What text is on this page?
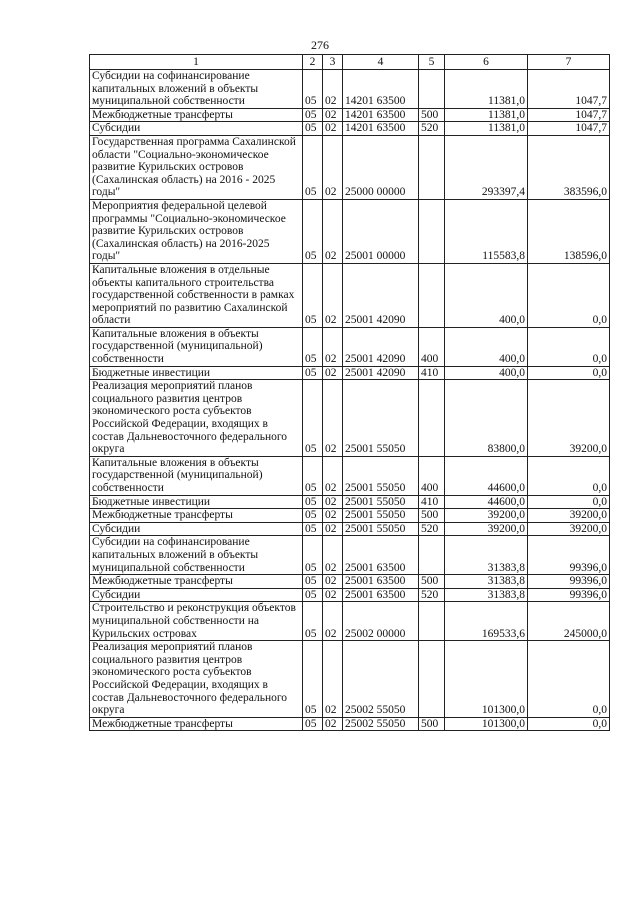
276
1	2	3	4	5	6	7
Субсидии на софинансирование капитальных вложений в объекты муниципальной собственности	05	02	14201 63500		11381,0	1047,7
Межбюджетные трансферты	05	02	14201 63500	500	11381,0	1047,7
Субсидии	05	02	14201 63500	520	11381,0	1047,7
Государственная программа Сахалинской области "Социально-экономическое развитие Курильских островов (Сахалинская область) на 2016 - 2025 годы"	05	02	25000 00000		293397,4	383596,0
Мероприятия федеральной целевой программы "Социально-экономическое развитие Курильских островов (Сахалинская область) на 2016-2025 годы"	05	02	25001 00000		115583,8	138596,0
Капитальные вложения в отдельные объекты капитального строительства государственной собственности в рамках мероприятий по развитию Сахалинской области	05	02	25001 42090		400,0	0,0
Капитальные вложения в объекты государственной (муниципальной) собственности	05	02	25001 42090	400	400,0	0,0
Бюджетные инвестиции	05	02	25001 42090	410	400,0	0,0
Реализация мероприятий планов социального развития центров экономического роста субъектов Российской Федерации, входящих в состав Дальневосточного федерального округа	05	02	25001 55050		83800,0	39200,0
Капитальные вложения в объекты государственной (муниципальной) собственности	05	02	25001 55050	400	44600,0	0,0
Бюджетные инвестиции	05	02	25001 55050	410	44600,0	0,0
Межбюджетные трансферты	05	02	25001 55050	500	39200,0	39200,0
Субсидии	05	02	25001 55050	520	39200,0	39200,0
Субсидии на софинансирование капитальных вложений в объекты муниципальной собственности	05	02	25001 63500		31383,8	99396,0
Межбюджетные трансферты	05	02	25001 63500	500	31383,8	99396,0
Субсидии	05	02	25001 63500	520	31383,8	99396,0
Строительство и реконструкция объектов муниципальной собственности на Курильских островах	05	02	25002 00000		169533,6	245000,0
Реализация мероприятий планов социального развития центров экономического роста субъектов Российской Федерации, входящих в состав Дальневосточного федерального округа	05	02	25002 55050		101300,0	0,0
Межбюджетные трансферты	05	02	25002 55050	500	101300,0	0,0
